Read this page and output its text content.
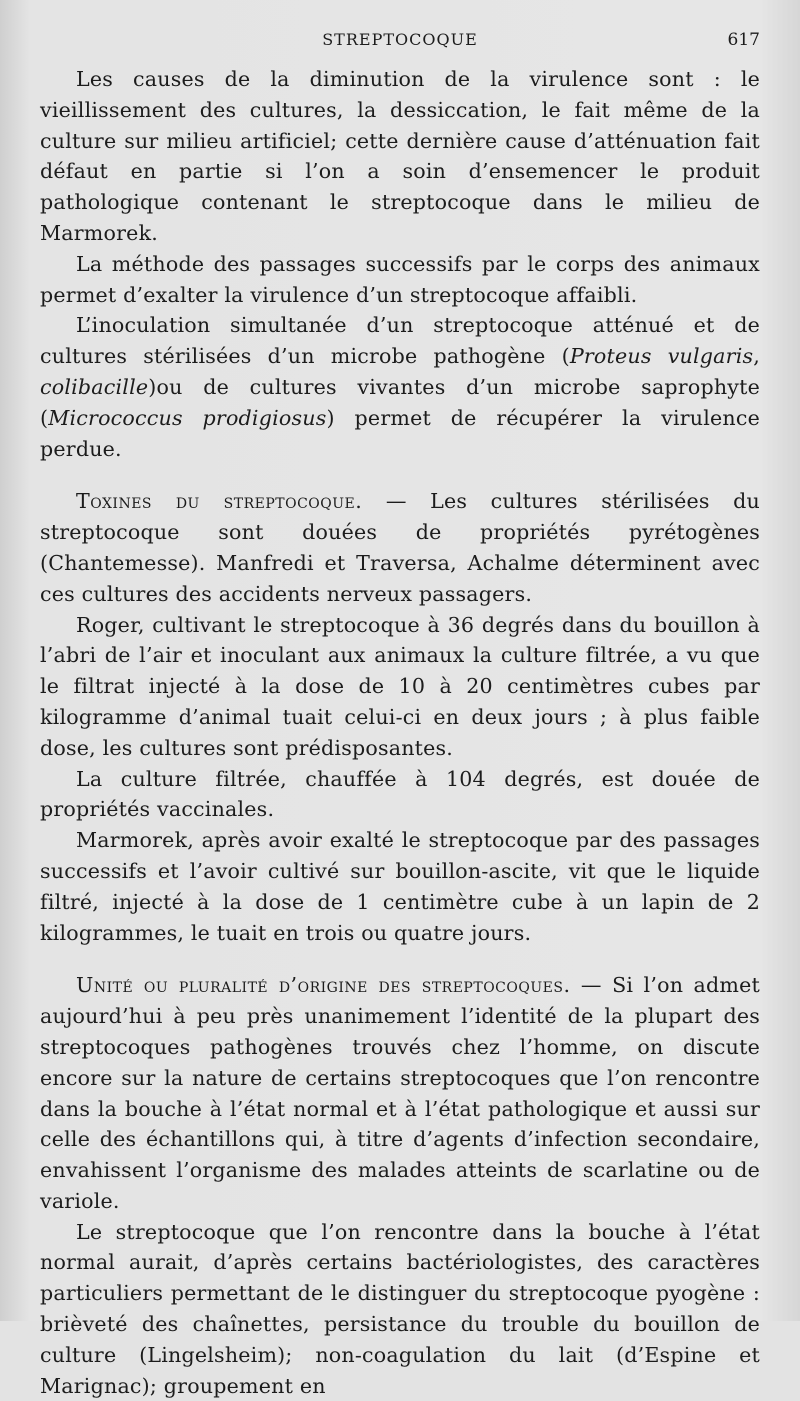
STREPTOCOQUE	617

Les causes de la diminution de la virulence sont : le vieillissement des cultures, la dessiccation, le fait même de la culture sur milieu artificiel; cette dernière cause d’atténuation fait défaut en partie si l’on a soin d’ensemencer le produit pathologique contenant le streptocoque dans le milieu de Marmorek.

La méthode des passages successifs par le corps des animaux permet d’exalter la virulence d’un streptocoque affaibli.

L’inoculation simultanée d’un streptocoque atténué et de cultures stérilisées d’un microbe pathogène (Proteus vulgaris, colibacille)ou de cultures vivantes d’un microbe saprophyte (Micrococcus prodigiosus) permet de récupérer la virulence perdue.

Toxines du streptocoque. — Les cultures stérilisées du streptocoque sont douées de propriétés pyrétogènes (Chantemesse). Manfredi et Traversa, Achalme déterminent avec ces cultures des accidents nerveux passagers.

Roger, cultivant le streptocoque à 36 degrés dans du bouillon à l’abri de l’air et inoculant aux animaux la culture filtrée, a vu que le filtrat injecté à la dose de 10 à 20 centimètres cubes par kilogramme d’animal tuait celui-ci en deux jours ; à plus faible dose, les cultures sont prédisposantes.

La culture filtrée, chauffée à 104 degrés, est douée de propriétés vaccinales.

Marmorek, après avoir exalté le streptocoque par des passages successifs et l’avoir cultivé sur bouillon-ascite, vit que le liquide filtré, injecté à la dose de 1 centimètre cube à un lapin de 2 kilogrammes, le tuait en trois ou quatre jours.

Unité ou pluralité d’origine des streptocoques. — Si l’on admet aujourd’hui à peu près unanimement l’identité de la plupart des streptocoques pathogènes trouvés chez l’homme, on discute encore sur la nature de certains streptocoques que l’on rencontre dans la bouche à l’état normal et à l’état pathologique et aussi sur celle des échantillons qui, à titre d’agents d’infection secondaire, envahissent l’organisme des malades atteints de scarlatine ou de variole.

Le streptocoque que l’on rencontre dans la bouche à l’état normal aurait, d’après certains bactériologistes, des caractères particuliers permettant de le distinguer du streptocoque pyogène : brièveté des chaînettes, persistance du trouble du bouillon de culture (Lingelsheim); non-coagulation du lait (d’Espine et Marignac); groupement en
